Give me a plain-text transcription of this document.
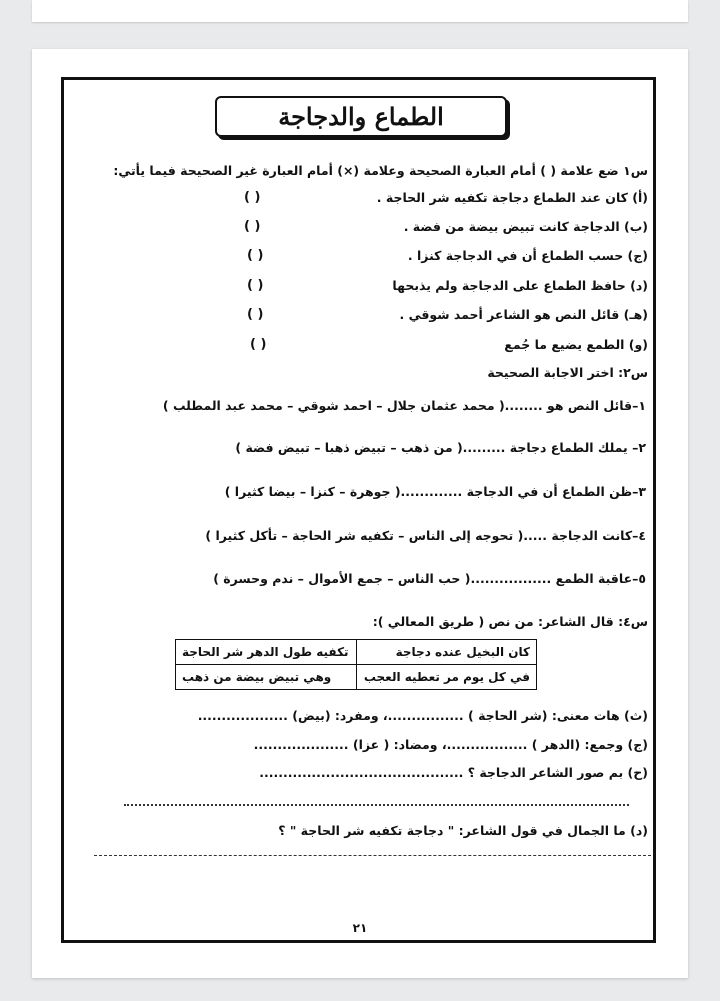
الطماع والدجاجة
س١ ضع علامة ( ) أمام العبارة الصحيحة وعلامة (×) أمام العبارة غير الصحيحة فيما يأتي:
(أ) كان عند الطماع دجاجة تكفيه شر الحاجة .
( )
(ب) الدجاجة كانت تبيض بيضة من فضة .
( )
(ج) حسب الطماع أن في الدجاجة كنزا .
( )
(د) حافظ الطماع على الدجاجة ولم يذبحها
( )
(هـ) قائل النص هو الشاعر أحمد شوقي .
( )
(و) الطمع يضيع ما جُمع
( )
س٢: اختر الاجابة الصحيحة
١–قائل النص هو ........( محمد عثمان جلال – احمد شوقي – محمد عبد المطلب )
٢– يملك الطماع دجاجة .........( من ذهب – تبيض ذهبا – تبيض فضة )
٣–ظن الطماع أن في الدجاجة .............( جوهرة – كنزا – بيضا كثيرا )
٤–كانت الدجاجة .....( تحوجه إلى الناس – تكفيه شر الحاجة – تأكل كثيرا )
٥–عاقبة الطمع .................( حب الناس – جمع الأموال – ندم وحسرة )
س٤: قال الشاعر: من نص ( طريق المعالي ):
كان البخيل عنده دجاجة	تكفيه طول الدهر شر الحاجة
في كل يوم مر تعطيه العجب	وهي تبيض بيضة من ذهب
(ث) هات معنى: (شر الحاجة ) ................، ومفرد: (بيض) ...................
(ج) وجمع: (الدهر ) .................، ومضاد: ( عزا) ....................
(ح) بم صور الشاعر الدجاجة ؟ ...........................................
(د) ما الجمال في قول الشاعر: " دجاجة تكفيه شر الحاجة " ؟
٢١
